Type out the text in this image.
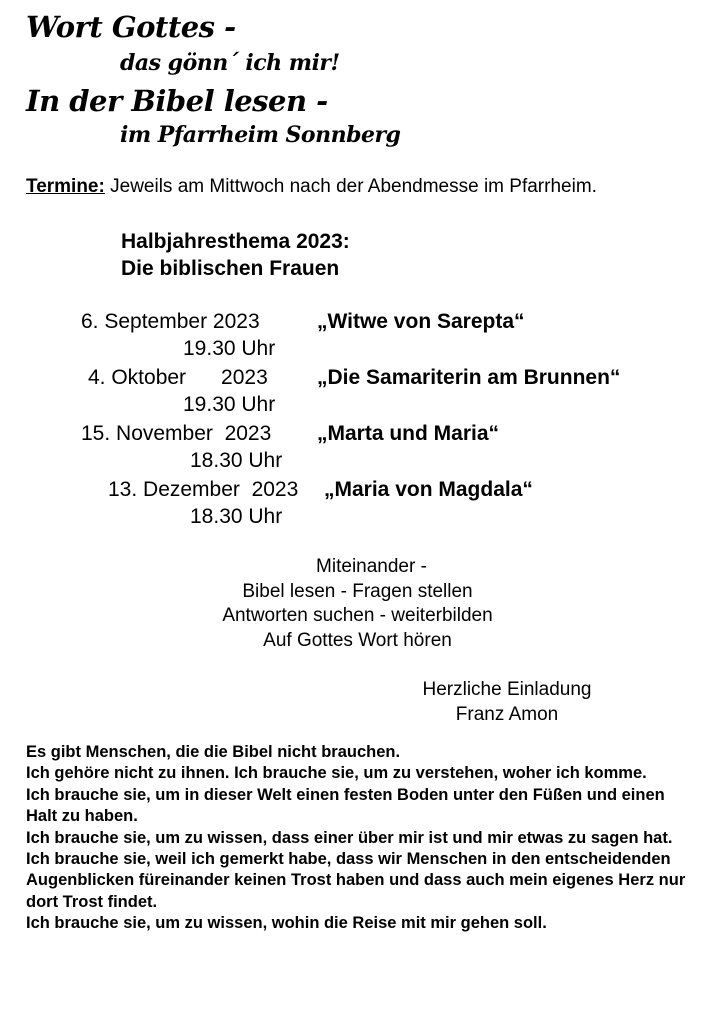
Wort Gottes -
das gönn´ ich mir!
In der Bibel lesen -
im Pfarrheim Sonnberg
Termine: Jeweils am Mittwoch nach der Abendmesse im Pfarrheim.
Halbjahresthema 2023:
Die biblischen Frauen
6. September 2023
19.30 Uhr
„Witwe von Sarepta“
4. Oktober      2023
19.30 Uhr
„Die Samariterin am Brunnen“
15. November  2023
18.30 Uhr
„Marta und Maria“
13. Dezember  2023
18.30 Uhr
„Maria von Magdala“
Miteinander -
Bibel lesen - Fragen stellen
Antworten suchen - weiterbilden
Auf Gottes Wort hören
Herzliche Einladung
Franz Amon

Es gibt Menschen, die die Bibel nicht brauchen.

Ich gehöre nicht zu ihnen. Ich brauche sie, um zu verstehen, woher ich komme.

Ich brauche sie, um in dieser Welt einen festen Boden unter den Füßen und einen Halt zu haben.

Ich brauche sie, um zu wissen, dass einer über mir ist und mir etwas zu sagen hat.

Ich brauche sie, weil ich gemerkt habe, dass wir Menschen in den entscheidenden Augenblicken füreinander keinen Trost haben und dass auch mein eigenes Herz nur dort Trost findet.

Ich brauche sie, um zu wissen, wohin die Reise mit mir gehen soll.
